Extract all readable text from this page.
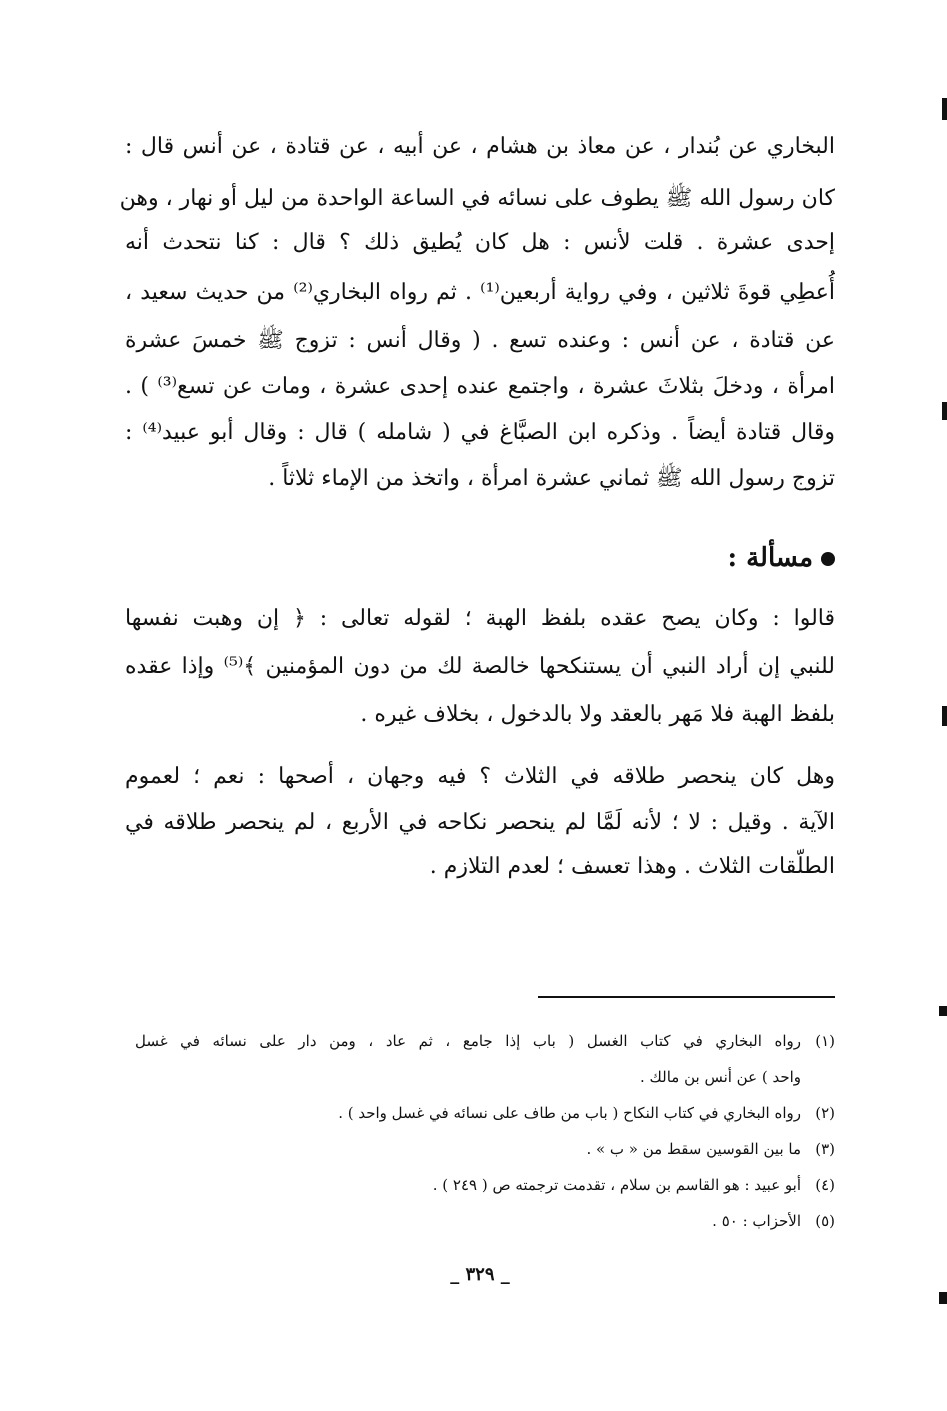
البخاري عن بُندار ، عن معاذ بن هشام ، عن أبيه ، عن قتادة ، عن أنس قال :
كان رسول الله ﷺ يطوف على نسائه في الساعة الواحدة من ليل أو نهار ، وهن
إحدى عشرة . قلت لأنس : هل كان يُطيق ذلك ؟ قال : كنا نتحدث أنه
أُعطِي قوةَ ثلاثين ، وفي رواية أربعين⁽¹⁾ . ثم رواه البخاري⁽²⁾ من حديث سعيد ،
عن قتادة ، عن أنس : وعنده تسع . ( وقال أنس : تزوج ﷺ خمسَ عشرة
امرأة ، ودخلَ بثلاثَ عشرة ، واجتمع عنده إحدى عشرة ، ومات عن تسع⁽³⁾ ) .
وقال قتادة أيضاً . وذكره ابن الصبَّاغ في ( شامله ) قال : وقال أبو عبيد⁽⁴⁾ :
تزوج رسول الله ﷺ ثماني عشرة امرأة ، واتخذ من الإماء ثلاثاً .
مسألة :
قالوا : وكان يصح عقده بلفظ الهبة ؛ لقوله تعالى : ﴿ إن وهبت نفسها
للنبي إن أراد النبي أن يستنكحها خالصة لك من دون المؤمنين ﴾⁽⁵⁾ وإذا عقده
بلفظ الهبة فلا مَهر بالعقد ولا بالدخول ، بخلاف غيره .
وهل كان ينحصر طلاقه في الثلاث ؟ فيه وجهان ، أصحها : نعم ؛ لعموم
الآية . وقيل : لا ؛ لأنه لَمَّا لم ينحصر نكاحه في الأربع ، لم ينحصر طلاقه في
الطلّقات الثلاث . وهذا تعسف ؛ لعدم التلازم .
(١)رواه البخاري في كتاب الغسل ( باب إذا جامع ، ثم عاد ، ومن دار على نسائه في غسل
واحد ) عن أنس بن مالك .
(٢)رواه البخاري في كتاب النكاح ( باب من طاف على نسائه في غسل واحد ) .
(٣)ما بين القوسين سقط من « ب » .
(٤)أبو عبيد : هو القاسم بن سلام ، تقدمت ترجمته ص ( ٢٤٩ ) .
(٥)الأحزاب : ٥٠ .
_ ٣٢٩ _
